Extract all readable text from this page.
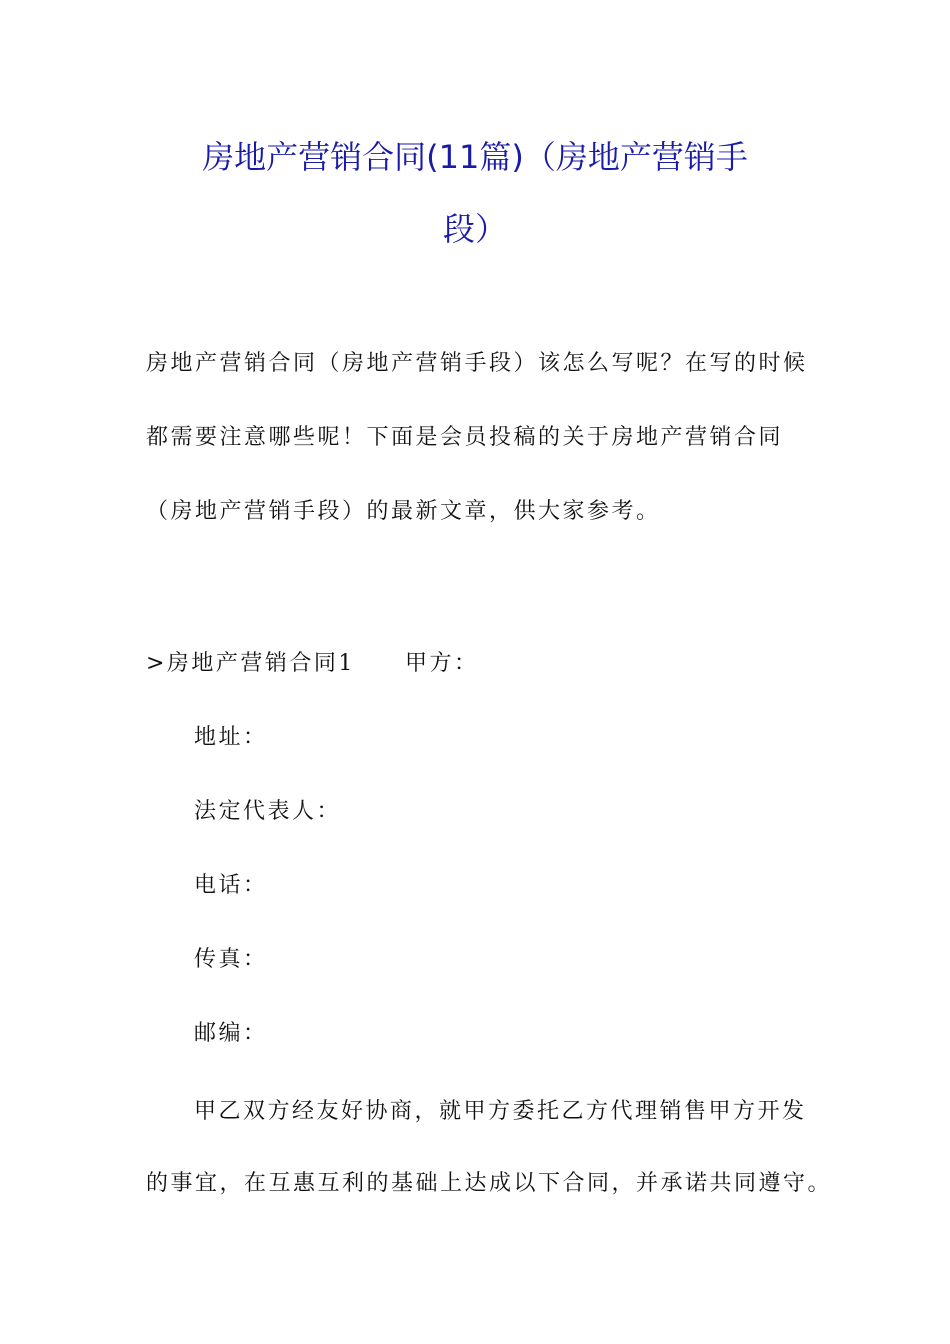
房地产营销合同(11篇)（房地产营销手
段）
房地产营销合同（房地产营销手段）该怎么写呢？在写的时候
都需要注意哪些呢！下面是会员投稿的关于房地产营销合同
（房地产营销手段）的最新文章，供大家参考。
>房地产营销合同1 甲方：
地址：
法定代表人：
电话：
传真：
邮编：
甲乙双方经友好协商，就甲方委托乙方代理销售甲方开发
的事宜，在互惠互利的基础上达成以下合同，并承诺共同遵守。
